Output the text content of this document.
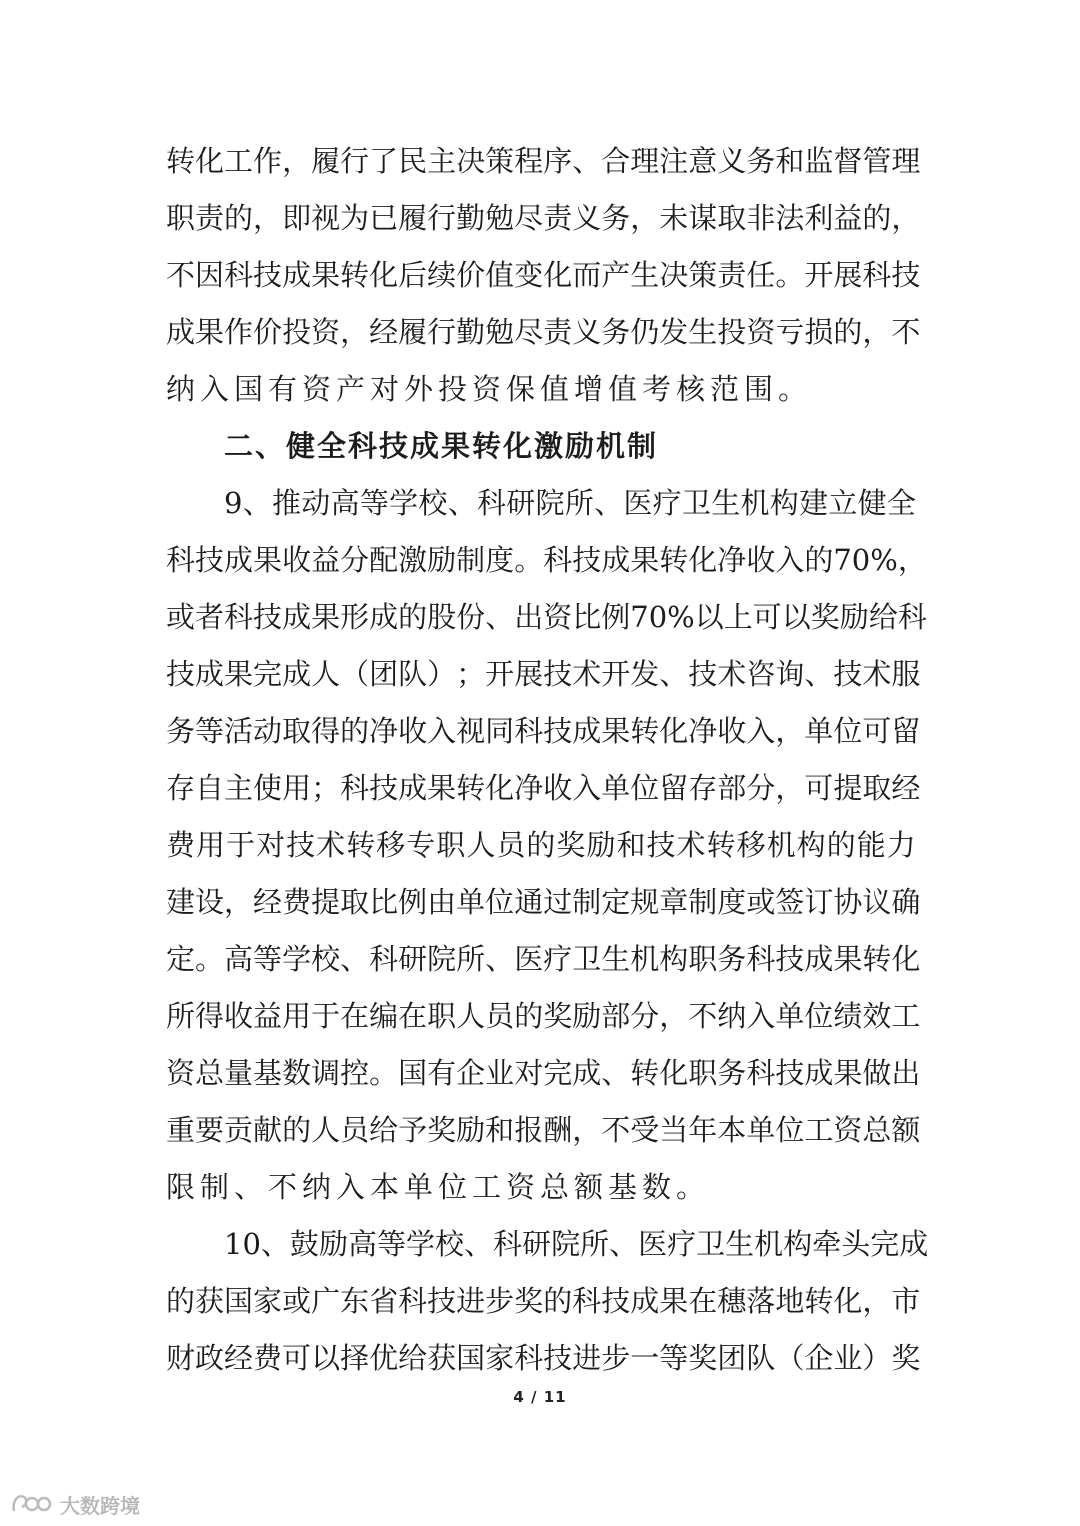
转 化 工 作 ， 履 行 了 民 主 决 策 程 序 、 合 理 注 意 义 务 和 监 督 管 理
职 责 的 ， 即 视 为 已 履 行 勤 勉 尽 责 义 务 ， 未 谋 取 非 法 利 益 的 ，
不 因 科 技 成 果 转 化 后 续 价 值 变 化 而 产 生 决 策 责 任 。 开 展 科 技
成 果 作 价 投 资 ， 经 履 行 勤 勉 尽 责 义 务 仍 发 生 投 资 亏 损 的 ， 不
纳入国有资产对外投资保值增值考核范围。
二、健全科技成果转化激励机制
9 、 推 动 高 等 学 校 、 科 研 院 所 、 医 疗 卫 生 机 构 建 立 健 全
科 技 成 果 收 益 分 配 激 励 制 度 。 科 技 成 果 转 化 净 收 入 的 70% ，
或 者 科 技 成 果 形 成 的 股 份 、 出 资 比 例 70% 以 上 可 以 奖 励 给 科
技 成 果 完 成 人 （ 团 队 ） ； 开 展 技 术 开 发 、 技 术 咨 询 、 技 术 服
务 等 活 动 取 得 的 净 收 入 视 同 科 技 成 果 转 化 净 收 入 ， 单 位 可 留
存 自 主 使 用 ； 科 技 成 果 转 化 净 收 入 单 位 留 存 部 分 ， 可 提 取 经
费 用 于 对 技 术 转 移 专 职 人 员 的 奖 励 和 技 术 转 移 机 构 的 能 力
建 设 ， 经 费 提 取 比 例 由 单 位 通 过 制 定 规 章 制 度 或 签 订 协 议 确
定 。 高 等 学 校 、 科 研 院 所 、 医 疗 卫 生 机 构 职 务 科 技 成 果 转 化
所 得 收 益 用 于 在 编 在 职 人 员 的 奖 励 部 分 ， 不 纳 入 单 位 绩 效 工
资 总 量 基 数 调 控 。 国 有 企 业 对 完 成 、 转 化 职 务 科 技 成 果 做 出
重 要 贡 献 的 人 员 给 予 奖 励 和 报 酬 ， 不 受 当 年 本 单 位 工 资 总 额
限制、不纳入本单位工资总额基数。
10 、 鼓 励 高 等 学 校 、 科 研 院 所 、 医 疗 卫 生 机 构 牵 头 完 成
的 获 国 家 或 广 东 省 科 技 进 步 奖 的 科 技 成 果 在 穗 落 地 转 化 ， 市
财 政 经 费 可 以 择 优 给 获 国 家 科 技 进 步 一 等 奖 团 队 （ 企 业 ） 奖
4 / 11
大数跨境
